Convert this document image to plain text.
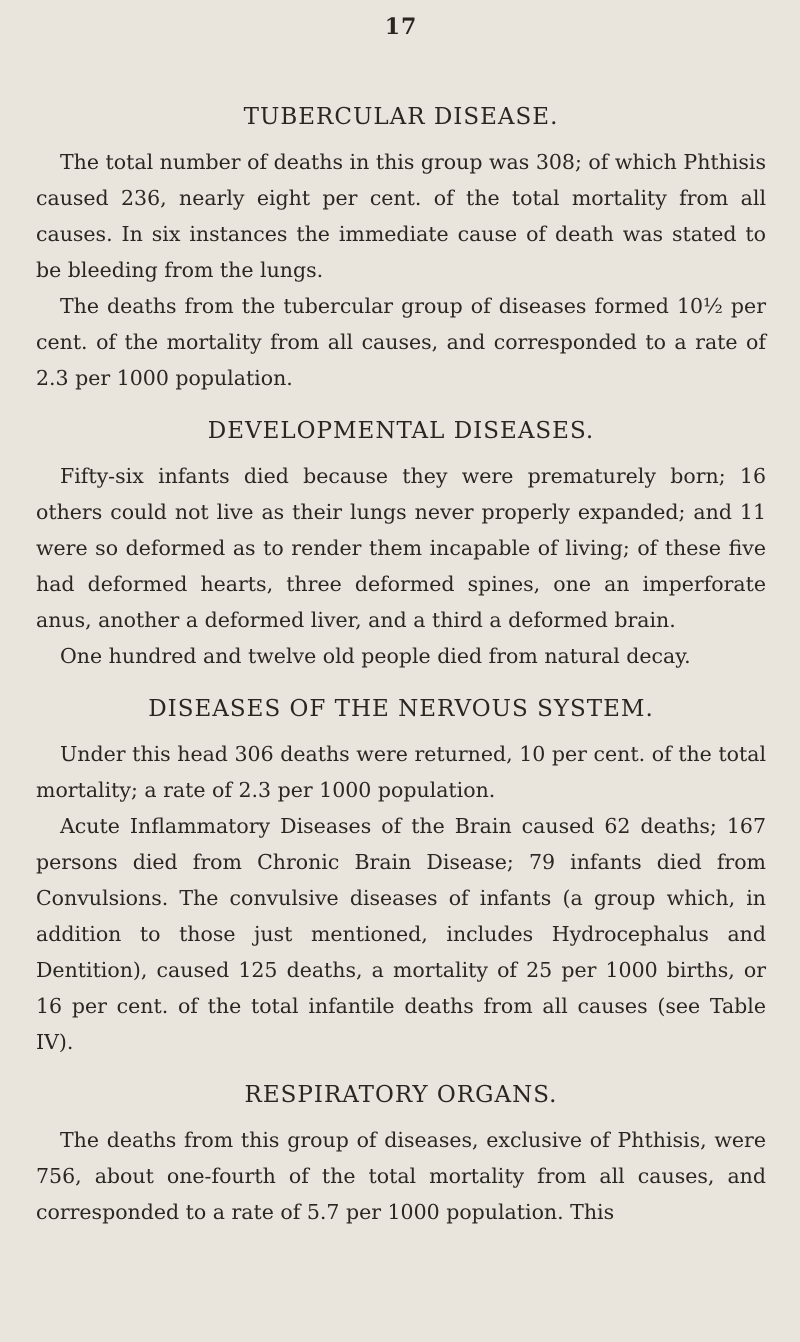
17
TUBERCULAR DISEASE.

The total number of deaths in this group was 308; of which Phthisis caused 236, nearly eight per cent. of the total mortality from all causes. In six instances the immediate cause of death was stated to be bleeding from the lungs.

The deaths from the tubercular group of diseases formed 10½ per cent. of the mortality from all causes, and corresponded to a rate of 2.3 per 1000 population.

DEVELOPMENTAL DISEASES.

Fifty-six infants died because they were prematurely born; 16 others could not live as their lungs never properly expanded; and 11 were so deformed as to render them incapable of living; of these five had deformed hearts, three deformed spines, one an imperforate anus, another a deformed liver, and a third a deformed brain.

One hundred and twelve old people died from natural decay.

DISEASES OF THE NERVOUS SYSTEM.

Under this head 306 deaths were returned, 10 per cent. of the total mortality; a rate of 2.3 per 1000 population.

Acute Inflammatory Diseases of the Brain caused 62 deaths; 167 persons died from Chronic Brain Disease; 79 infants died from Convulsions. The convulsive diseases of infants (a group which, in addition to those just mentioned, includes Hydrocephalus and Dentition), caused 125 deaths, a mortality of 25 per 1000 births, or 16 per cent. of the total infantile deaths from all causes (see Table IV).

RESPIRATORY ORGANS.

The deaths from this group of diseases, exclusive of Phthisis, were 756, about one-fourth of the total mortality from all causes, and corresponded to a rate of 5.7 per 1000 population. This
